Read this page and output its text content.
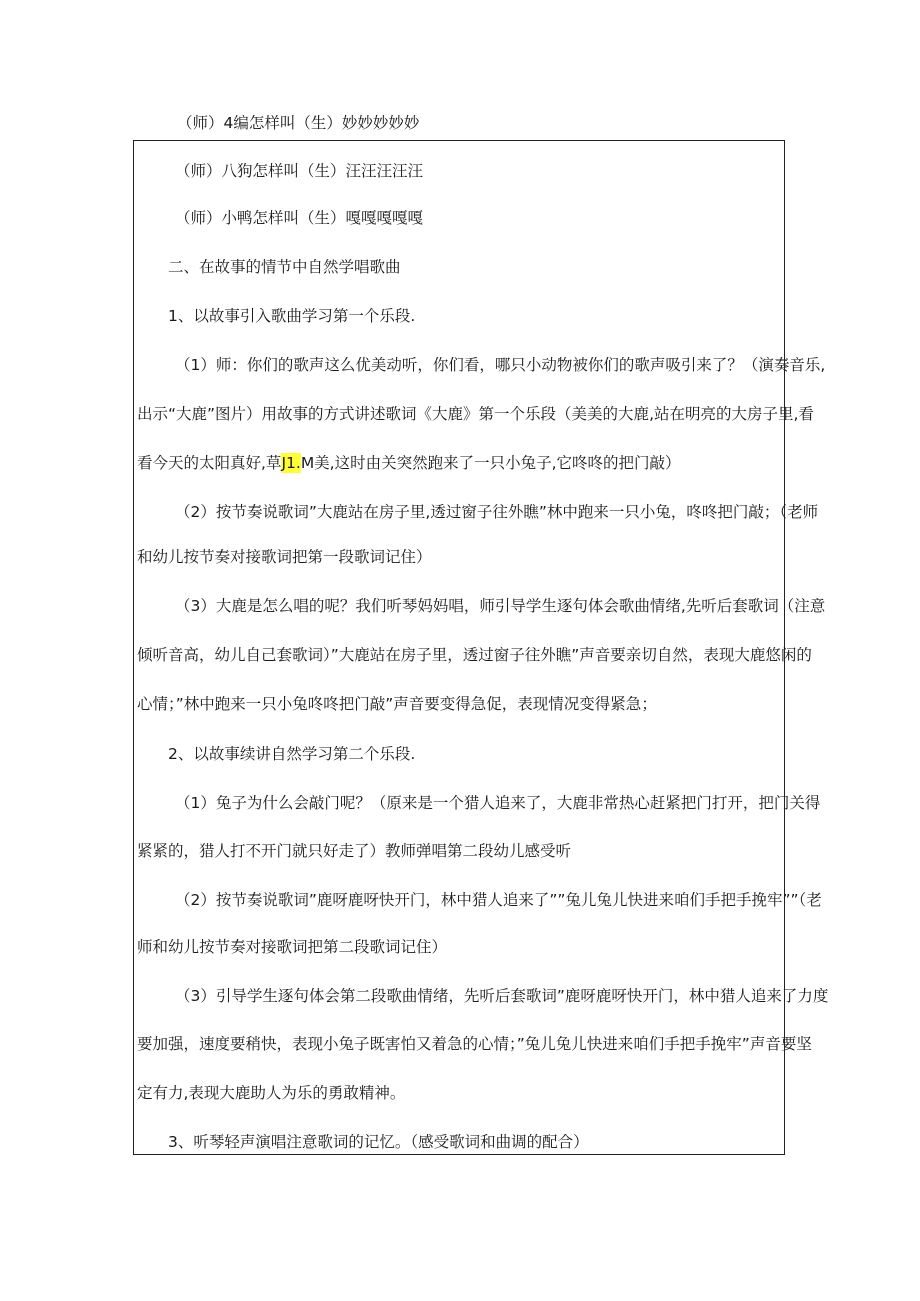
（师）4编怎样叫（生）妙妙妙妙妙
（师）八狗怎样叫（生）汪汪汪汪汪
（师）小鸭怎样叫（生）嘎嘎嘎嘎嘎
二、在故事的情节中自然学唱歌曲
1、以故事引入歌曲学习第一个乐段.
（1）师：你们的歌声这么优美动听，你们看，哪只小动物被你们的歌声吸引来了？（演奏音乐,
出示“大鹿”图片）用故事的方式讲述歌词《大鹿》第一个乐段（美美的大鹿,站在明亮的大房子里,看
看今天的太阳真好,草J1.M美,这时由关突然跑来了一只小兔子,它咚咚的把门敲）
（2）按节奏说歌词”大鹿站在房子里,透过窗子往外瞧”林中跑来一只小兔，咚咚把门敲；（老师
和幼儿按节奏对接歌词把第一段歌词记住）
（3）大鹿是怎么唱的呢？我们听琴妈妈唱，师引导学生逐句体会歌曲情绪,先听后套歌词（注意
倾听音高，幼儿自己套歌词）”大鹿站在房子里，透过窗子往外瞧”声音要亲切自然，表现大鹿悠闲的
心情；”林中跑来一只小兔咚咚把门敲”声音要变得急促，表现情况变得紧急；
2、以故事续讲自然学习第二个乐段.
（1）兔子为什么会敲门呢？（原来是一个猎人追来了，大鹿非常热心赶紧把门打开，把门关得
紧紧的，猎人打不开门就只好走了）教师弹唱第二段幼儿感受听
（2）按节奏说歌词”鹿呀鹿呀快开门，林中猎人追来了””兔儿兔儿快进来咱们手把手挽牢””（老
师和幼儿按节奏对接歌词把第二段歌词记住）
（3）引导学生逐句体会第二段歌曲情绪，先听后套歌词”鹿呀鹿呀快开门，林中猎人追来了力度
要加强，速度要稍快，表现小兔子既害怕又着急的心情；”兔儿兔儿快进来咱们手把手挽牢”声音要坚
定有力,表现大鹿助人为乐的勇敢精神。
3、听琴轻声演唱注意歌词的记忆。（感受歌词和曲调的配合）
